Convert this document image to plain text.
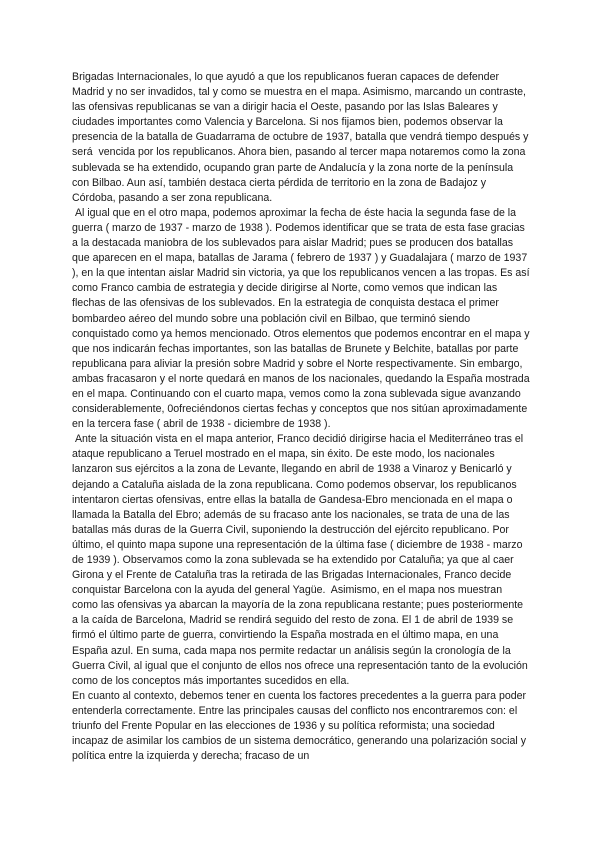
Brigadas Internacionales, lo que ayudó a que los republicanos fueran capaces de defender Madrid y no ser invadidos, tal y como se muestra en el mapa. Asimismo, marcando un contraste, las ofensivas republicanas se van a dirigir hacia el Oeste, pasando por las Islas Baleares y ciudades importantes como Valencia y Barcelona. Si nos fijamos bien, podemos observar la presencia de la batalla de Guadarrama de octubre de 1937, batalla que vendrá tiempo después y será  vencida por los republicanos. Ahora bien, pasando al tercer mapa notaremos como la zona sublevada se ha extendido, ocupando gran parte de Andalucía y la zona norte de la península con Bilbao. Aun así, también destaca cierta pérdida de territorio en la zona de Badajoz y Córdoba, pasando a ser zona republicana.

Al igual que en el otro mapa, podemos aproximar la fecha de éste hacia la segunda fase de la guerra ( marzo de 1937 - marzo de 1938 ). Podemos identificar que se trata de esta fase gracias a la destacada maniobra de los sublevados para aislar Madrid; pues se producen dos batallas que aparecen en el mapa, batallas de Jarama ( febrero de 1937 ) y Guadalajara ( marzo de 1937 ), en la que intentan aislar Madrid sin victoria, ya que los republicanos vencen a las tropas. Es así como Franco cambia de estrategia y decide dirigirse al Norte, como vemos que indican las flechas de las ofensivas de los sublevados. En la estrategia de conquista destaca el primer bombardeo aéreo del mundo sobre una población civil en Bilbao, que terminó siendo conquistado como ya hemos mencionado. Otros elementos que podemos encontrar en el mapa y que nos indicarán fechas importantes, son las batallas de Brunete y Belchite, batallas por parte republicana para aliviar la presión sobre Madrid y sobre el Norte respectivamente. Sin embargo, ambas fracasaron y el norte quedará en manos de los nacionales, quedando la España mostrada en el mapa. Continuando con el cuarto mapa, vemos como la zona sublevada sigue avanzando considerablemente, 0ofreciéndonos ciertas fechas y conceptos que nos sitúan aproximadamente en la tercera fase ( abril de 1938 - diciembre de 1938 ).

Ante la situación vista en el mapa anterior, Franco decidió dirigirse hacia el Mediterráneo tras el ataque republicano a Teruel mostrado en el mapa, sin éxito. De este modo, los nacionales lanzaron sus ejércitos a la zona de Levante, llegando en abril de 1938 a Vinaroz y Benicarló y dejando a Cataluña aislada de la zona republicana. Como podemos observar, los republicanos intentaron ciertas ofensivas, entre ellas la batalla de Gandesa-Ebro mencionada en el mapa o llamada la Batalla del Ebro; además de su fracaso ante los nacionales, se trata de una de las batallas más duras de la Guerra Civil, suponiendo la destrucción del ejército republicano. Por último, el quinto mapa supone una representación de la última fase ( diciembre de 1938 - marzo de 1939 ). Observamos como la zona sublevada se ha extendido por Cataluña; ya que al caer Girona y el Frente de Cataluña tras la retirada de las Brigadas Internacionales, Franco decide conquistar Barcelona con la ayuda del general Yagüe.  Asimismo, en el mapa nos muestran como las ofensivas ya abarcan la mayoría de la zona republicana restante; pues posteriormente a la caída de Barcelona, Madrid se rendirá seguido del resto de zona. El 1 de abril de 1939 se firmó el último parte de guerra, convirtiendo la España mostrada en el último mapa, en una España azul. En suma, cada mapa nos permite redactar un análisis según la cronología de la Guerra Civil, al igual que el conjunto de ellos nos ofrece una representación tanto de la evolución como de los conceptos más importantes sucedidos en ella.

En cuanto al contexto, debemos tener en cuenta los factores precedentes a la guerra para poder entenderla correctamente. Entre las principales causas del conflicto nos encontraremos con: el triunfo del Frente Popular en las elecciones de 1936 y su política reformista; una sociedad incapaz de asimilar los cambios de un sistema democrático, generando una polarización social y política entre la izquierda y derecha; fracaso de un
